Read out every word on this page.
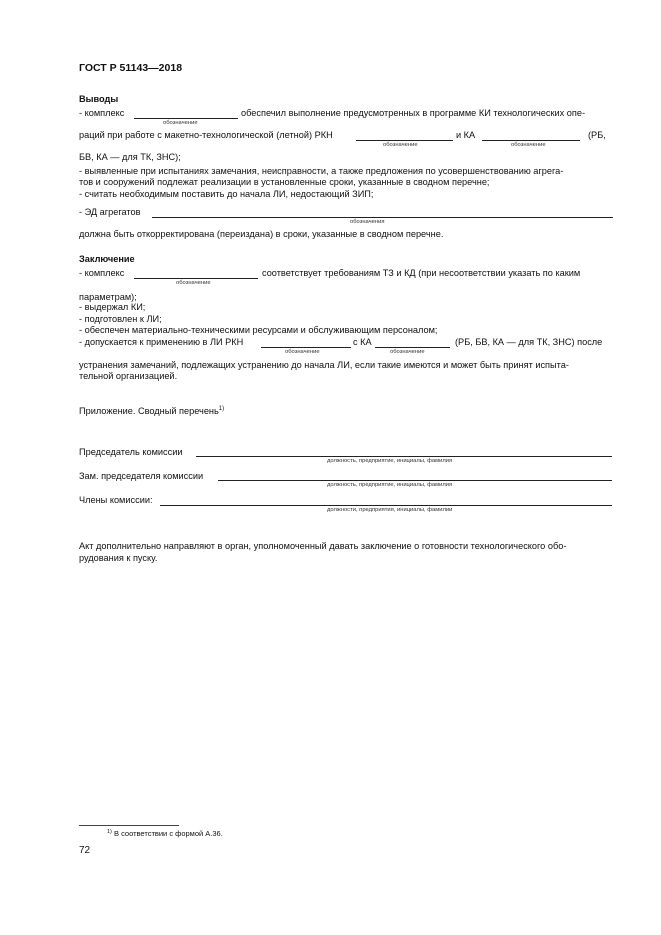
ГОСТ Р 51143—2018
Выводы
- комплекс	обеспечил выполнение предусмотренных в программе КИ технологических опе-
обозначение
раций при работе с макетно-технологической (летной) РКН	и КА	(РБ,
обозначение	обозначение
БВ, КА — для ТК, ЗНС);
- выявленные при испытаниях замечания, неисправности, а также предложения по усовершенствованию агрега-
тов и сооружений подлежат реализации в установленные сроки, указанные в сводном перечне;
- считать необходимым поставить до начала ЛИ, недостающий ЗИП;
- ЭД агрегатов
обозначения
должна быть откорректирована (переиздана) в сроки, указанные в сводном перечне.
Заключение
- комплекс	соответствует требованиям ТЗ и КД (при несоответствии указать по каким
обозначение
параметрам);
- выдержал КИ;
- подготовлен к ЛИ;
- обеспечен материально-техническими ресурсами и обслуживающим персоналом;
- допускается к применению в ЛИ РКН	с КА	(РБ, БВ, КА — для ТК, ЗНС) после
обозначение	обозначение
устранения замечаний, подлежащих устранению до начала ЛИ, если такие имеются и может быть принят испыта-
тельной организацией.
Приложение. Сводный перечень$^{1)}$
Председатель комиссии
должность, предприятие, инициалы, фамилия
Зам. председателя комиссии
должность, предприятие, инициалы, фамилия
Члены комиссии:
должности, предприятия, инициалы, фамилии
Акт дополнительно направляют в орган, уполномоченный давать заключение о готовности технологического обо-
рудования к пуску.
$^{1)}$ В соответствии с формой А.36.
72
